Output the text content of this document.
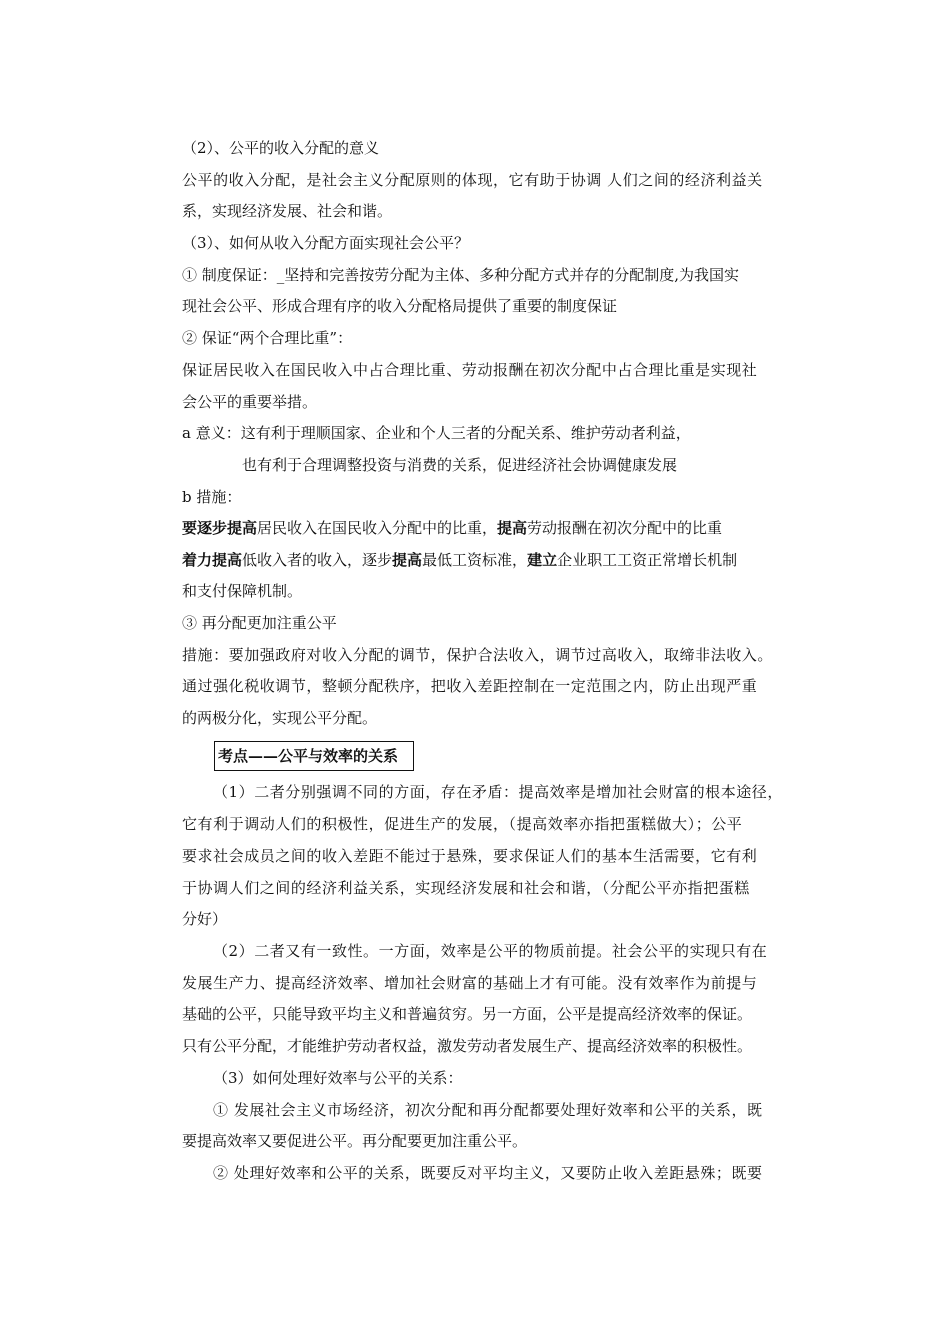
（2）、公平的收入分配的意义
公平的收入分配，是社会主义分配原则的体现，它有助于协调 人们之间的经济利益关
系，实现经济发展、社会和谐。
（3）、如何从收入分配方面实现社会公平？
① 制度保证：_坚持和完善按劳分配为主体、多种分配方式并存的分配制度,为我国实
现社会公平、形成合理有序的收入分配格局提供了重要的制度保证
② 保证“两个合理比重”：
保证居民收入在国民收入中占合理比重、劳动报酬在初次分配中占合理比重是实现社
会公平的重要举措。
a 意义：这有利于理顺国家、企业和个人三者的分配关系、维护劳动者利益，
也有利于合理调整投资与消费的关系，促进经济社会协调健康发展
b 措施：
要逐步提高居民收入在国民收入分配中的比重，提高劳动报酬在初次分配中的比重
着力提高低收入者的收入，逐步提高最低工资标准，建立企业职工工资正常增长机制
和支付保障机制。
③ 再分配更加注重公平
措施：要加强政府对收入分配的调节，保护合法收入，调节过高收入，取缔非法收入。
通过强化税收调节，整顿分配秩序，把收入差距控制在一定范围之内，防止出现严重
的两极分化，实现公平分配。
考点——公平与效率的关系
（1）二者分别强调不同的方面，存在矛盾：提高效率是增加社会财富的根本途径，
它有利于调动人们的积极性，促进生产的发展，（提高效率亦指把蛋糕做大）；公平
要求社会成员之间的收入差距不能过于悬殊，要求保证人们的基本生活需要，它有利
于协调人们之间的经济利益关系，实现经济发展和社会和谐，（分配公平亦指把蛋糕
分好）
（2）二者又有一致性。一方面，效率是公平的物质前提。社会公平的实现只有在
发展生产力、提高经济效率、增加社会财富的基础上才有可能。没有效率作为前提与
基础的公平，只能导致平均主义和普遍贫穷。另一方面，公平是提高经济效率的保证。
只有公平分配，才能维护劳动者权益，激发劳动者发展生产、提高经济效率的积极性。
（3）如何处理好效率与公平的关系：
① 发展社会主义市场经济，初次分配和再分配都要处理好效率和公平的关系，既
要提高效率又要促进公平。再分配要更加注重公平。
② 处理好效率和公平的关系，既要反对平均主义，又要防止收入差距悬殊；既要
